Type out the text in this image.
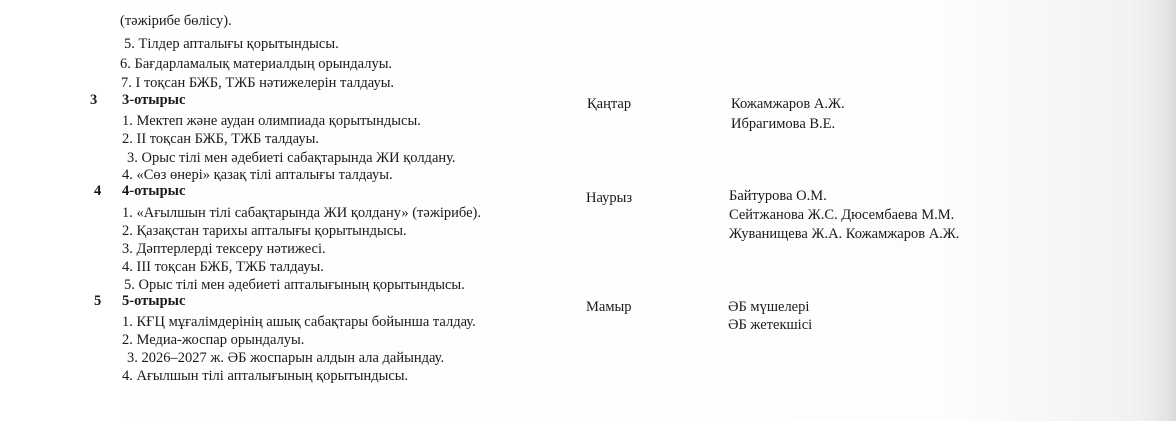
(тәжірибе бөлісу).
5. Тілдер апталығы қорытындысы.
6. Бағдарламалық материалдың орындалуы.
7. І тоқсан БЖБ, ТЖБ нәтижелерін талдауы.
3 3-отырыс
1. Мектеп және аудан олимпиада қорытындысы.
2. ІІ тоқсан БЖБ, ТЖБ талдауы.
3. Орыс тілі мен әдебиеті сабақтарында ЖИ қолдану.
4. «Сөз өнері» қазақ тілі апталығы талдауы.
Қаңтар	Кожамжаров А.Ж.
Ибрагимова В.Е.
4 4-отырыс
1. «Ағылшын тілі сабақтарында ЖИ қолдану» (тәжірибе).
2. Қазақстан тарихы апталығы қорытындысы.
3. Дәптерлерді тексеру нәтижесі.
4. ІІІ тоқсан БЖБ, ТЖБ талдауы.
5. Орыс тілі мен әдебиеті апталығының қорытындысы.
Наурыз	Байтурова О.М.
Сейтжанова Ж.С. Дюсембаева М.М.
Жуванищева Ж.А. Кожамжаров А.Ж.
5 5-отырыс
1. КҒЦ мұғалімдерінің ашық сабақтары бойынша талдау.
2. Медиа-жоспар орындалуы.
3. 2026–2027 ж. ӘБ жоспарын алдын ала дайындау.
4. Ағылшын тілі апталығының қорытындысы.
Мамыр	ӘБ мүшелері
ӘБ жетекшісі
